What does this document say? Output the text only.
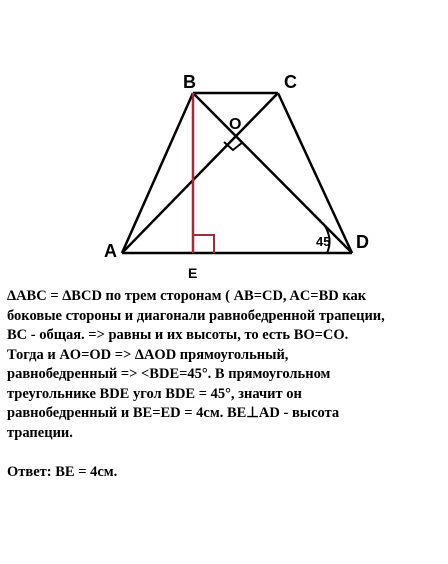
B	C
O
A	D
E
45

ΔABC = ΔBCD по трем сторонам ( AB=CD, AC=BD как

боковые стороны и диагонали равнобедренной трапеции,

BC - общая. => равны и их высоты, то есть BO=CO.

Тогда и AO=OD => ΔAOD прямоугольный,

равнобедренный => <BDE=45°. В прямоугольном

треугольнике BDE угол BDE = 45°, значит он

равнобедренный и BE=ED = 4см. BE⊥AD - высота

трапеции.

Ответ: BE = 4см.
